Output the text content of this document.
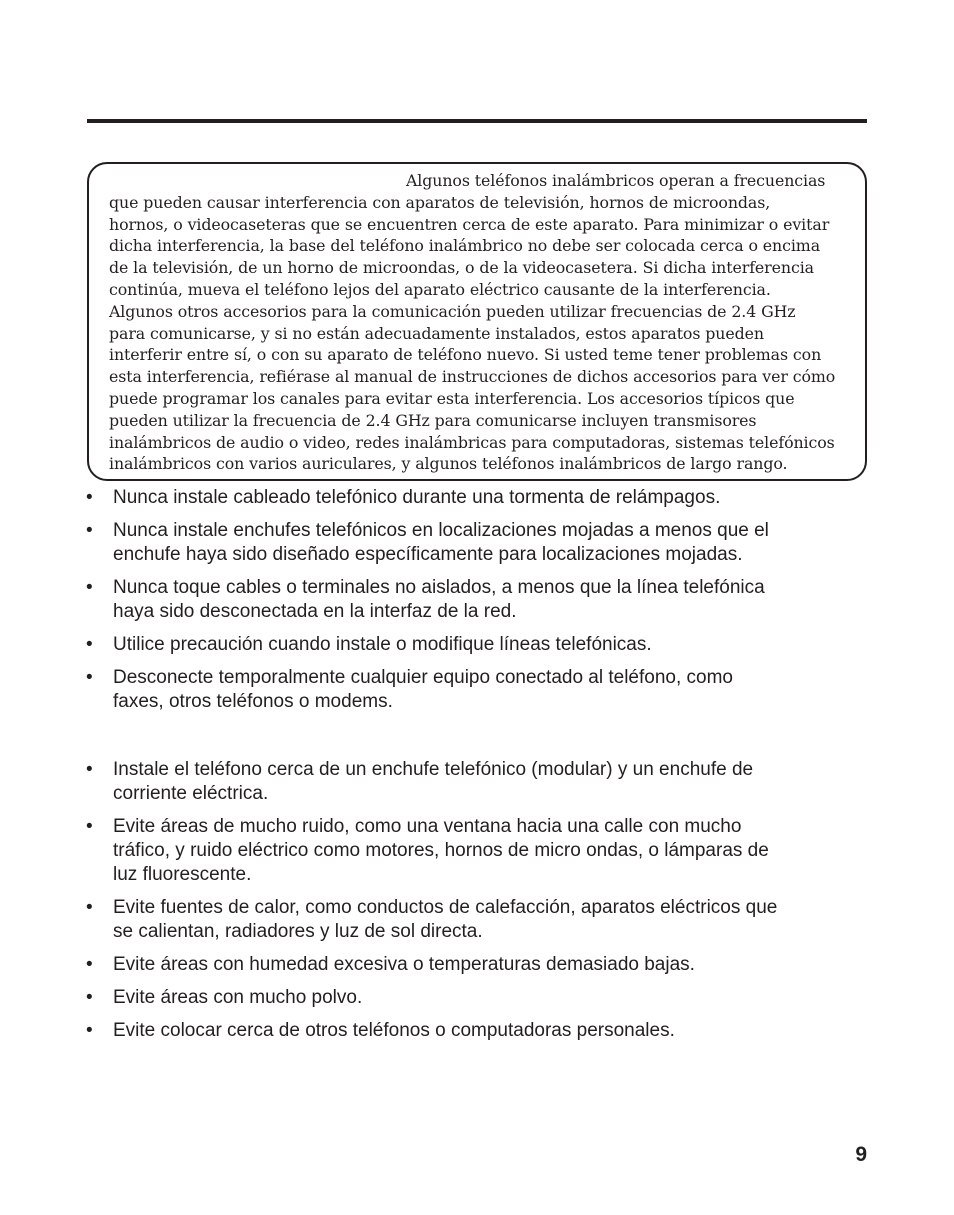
Algunos teléfonos inalámbricos operan a frecuencias
que pueden causar interferencia con aparatos de televisión, hornos de microondas,
hornos, o videocaseteras que se encuentren cerca de este aparato. Para minimizar o evitar
dicha interferencia, la base del teléfono inalámbrico no debe ser colocada cerca o encima
de la televisión, de un horno de microondas, o de la videocasetera. Si dicha interferencia
continúa, mueva el teléfono lejos del aparato eléctrico causante de la interferencia.
Algunos otros accesorios para la comunicación pueden utilizar frecuencias de 2.4 GHz
para comunicarse, y si no están adecuadamente instalados, estos aparatos pueden
interferir entre sí, o con su aparato de teléfono nuevo. Si usted teme tener problemas con
esta interferencia, refiérase al manual de instrucciones de dichos accesorios para ver cómo
puede programar los canales para evitar esta interferencia. Los accesorios típicos que
pueden utilizar la frecuencia de 2.4 GHz para comunicarse incluyen transmisores
inalámbricos de audio o video, redes inalámbricas para computadoras, sistemas telefónicos
inalámbricos con varios auriculares, y algunos teléfonos inalámbricos de largo rango.
• Nunca instale cableado telefónico durante una tormenta de relámpagos.
• Nunca instale enchufes telefónicos en localizaciones mojadas a menos que el
enchufe haya sido diseñado específicamente para localizaciones mojadas.
• Nunca toque cables o terminales no aislados, a menos que la línea telefónica
haya sido desconectada en la interfaz de la red.
• Utilice precaución cuando instale o modifique líneas telefónicas.
• Desconecte temporalmente cualquier equipo conectado al teléfono, como
faxes, otros teléfonos o modems.
• Instale el teléfono cerca de un enchufe telefónico (modular) y un enchufe de
corriente eléctrica.
• Evite áreas de mucho ruido, como una ventana hacia una calle con mucho
tráfico, y ruido eléctrico como motores, hornos de micro ondas, o lámparas de
luz fluorescente.
• Evite fuentes de calor, como conductos de calefacción, aparatos eléctricos que
se calientan, radiadores y luz de sol directa.
• Evite áreas con humedad excesiva o temperaturas demasiado bajas.
• Evite áreas con mucho polvo.
• Evite colocar cerca de otros teléfonos o computadoras personales.
9
